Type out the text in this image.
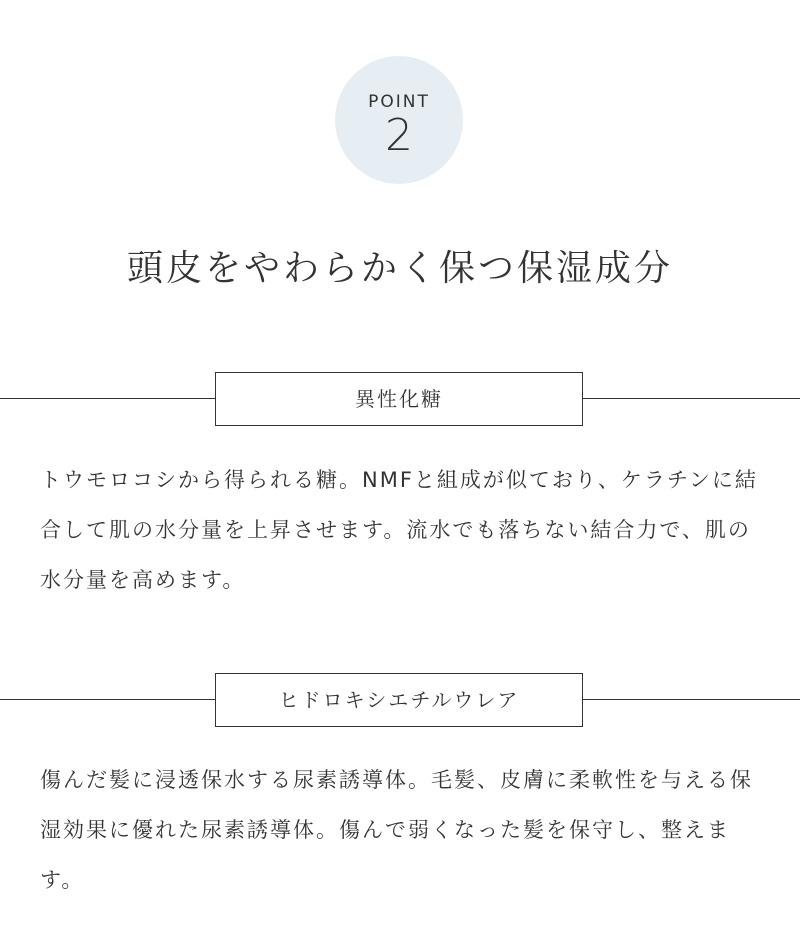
POINT
2
頭皮をやわらかく保つ保湿成分
異性化糖
トウモロコシから得られる糖。NMFと組成が似ており、ケラチンに結合して肌の水分量を上昇させます。流水でも落ちない結合力で、肌の水分量を高めます。
ヒドロキシエチルウレア
傷んだ髪に浸透保水する尿素誘導体。毛髪、皮膚に柔軟性を与える保湿効果に優れた尿素誘導体。傷んで弱くなった髪を保守し、整えます。
